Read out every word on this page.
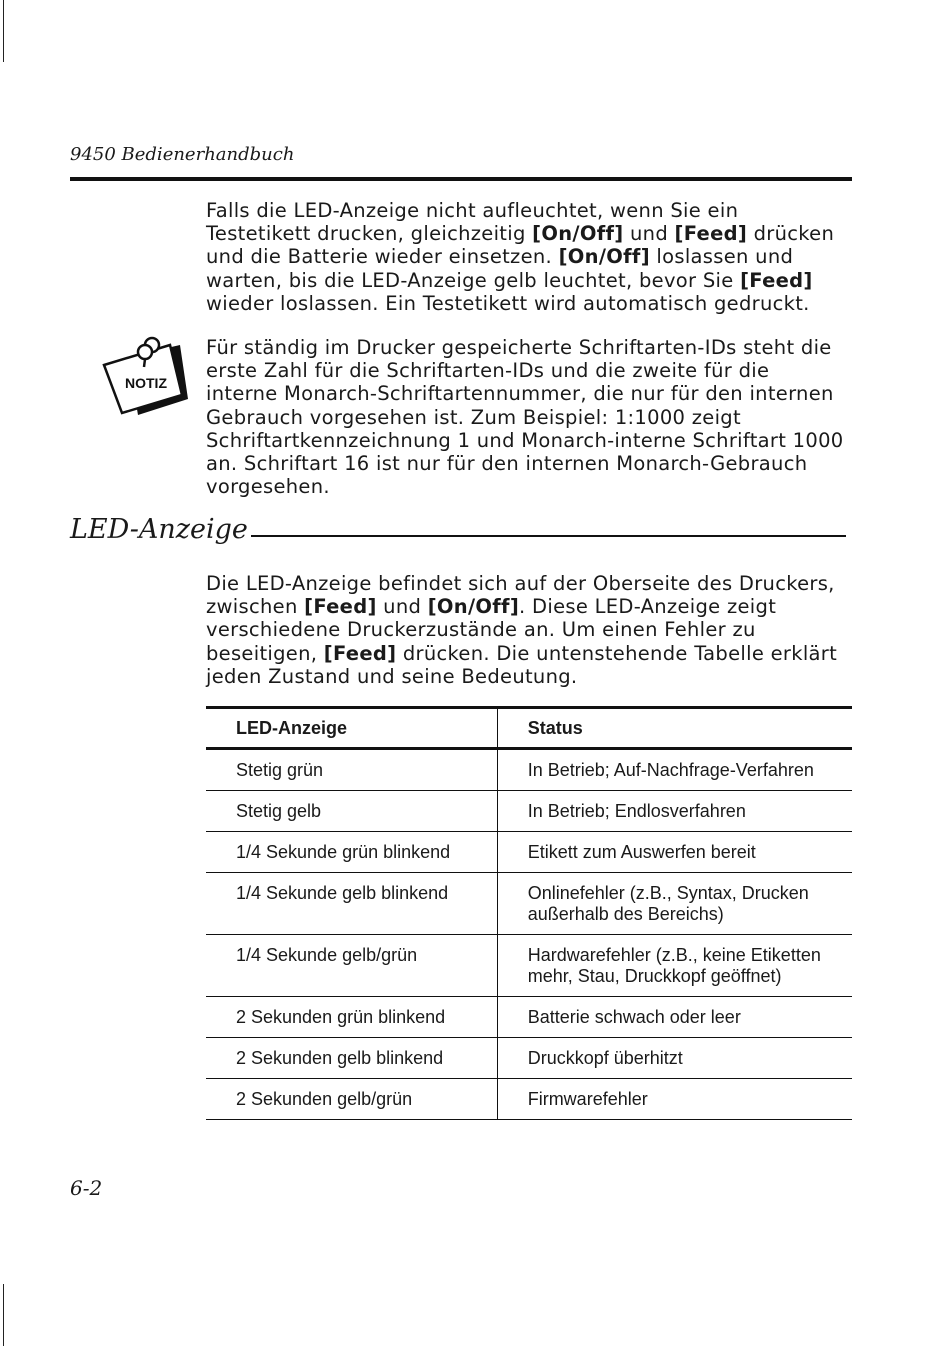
9450 Bedienerhandbuch

Falls die LED-Anzeige nicht aufleuchtet, wenn Sie ein Testetikett drucken, gleichzeitig [On/Off] und [Feed] drücken und die Batterie wieder einsetzen. [On/Off] loslassen und warten, bis die LED-Anzeige gelb leuchtet, bevor Sie [Feed] wieder loslassen. Ein Testetikett wird automatisch gedruckt.

NOTIZ

Für ständig im Drucker gespeicherte Schriftarten-IDs steht die erste Zahl für die Schriftarten-IDs und die zweite für die interne Monarch-Schriftartennummer, die nur für den internen Gebrauch vorgesehen ist. Zum Beispiel: 1:1000 zeigt Schriftartkennzeichnung 1 und Monarch-interne Schriftart 1000 an. Schriftart 16 ist nur für den internen Monarch-Gebrauch vorgesehen.

LED-Anzeige

Die LED-Anzeige befindet sich auf der Oberseite des Druckers, zwischen [Feed] und [On/Off]. Diese LED-Anzeige zeigt verschiedene Druckerzustände an. Um einen Fehler zu beseitigen, [Feed] drücken. Die untenstehende Tabelle erklärt jeden Zustand und seine Bedeutung.

LED-Anzeige	Status
Stetig grün	In Betrieb; Auf-Nachfrage-Verfahren
Stetig gelb	In Betrieb; Endlosverfahren
1/4 Sekunde grün blinkend	Etikett zum Auswerfen bereit
1/4 Sekunde gelb blinkend	Onlinefehler (z.B., Syntax, Drucken außerhalb des Bereichs)
1/4 Sekunde gelb/grün	Hardwarefehler (z.B., keine Etiketten mehr, Stau, Druckkopf geöffnet)
2 Sekunden grün blinkend	Batterie schwach oder leer
2 Sekunden gelb blinkend	Druckkopf überhitzt
2 Sekunden gelb/grün	Firmwarefehler
6-2
